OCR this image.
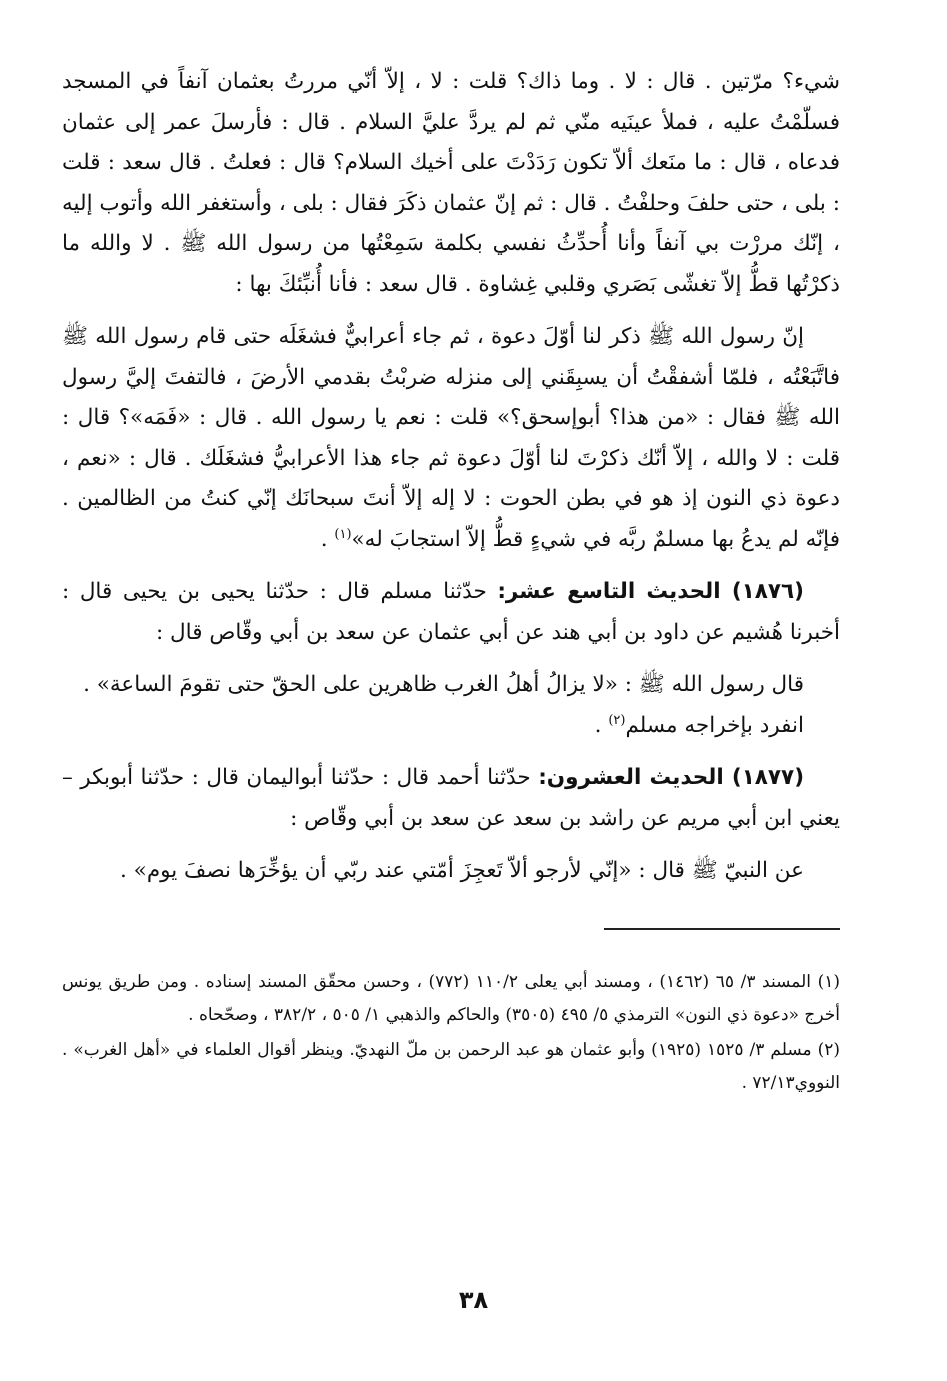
شيء؟ مرّتين . قال : لا . وما ذاك؟ قلت : لا ، إلاّ أنّي مررتُ بعثمان آنفاً في المسجد فسلّمْتُ عليه ، فملأ عينَيه منّي ثم لم يردَّ عليَّ السلام . قال : فأرسلَ عمر إلى عثمان فدعاه ، قال : ما منَعك ألاّ تكون رَدَدْتَ على أخيك السلام؟ قال : فعلتُ . قال سعد : قلت : بلى ، حتى حلفَ وحلفْتُ . قال : ثم إنّ عثمان ذكَرَ فقال : بلى ، وأستغفر الله وأتوب إليه ، إنّك مررْت بي آنفاً وأنا أُحدِّثُ نفسي بكلمة سَمِعْتُها من رسول الله ﷺ . لا والله ما ذكرْتُها قطُّ إلاّ تغشّى بَصَري وقلبي غِشاوة . قال سعد : فأنا أُنبِّئكَ بها :

إنّ رسول الله ﷺ ذكر لنا أوّلَ دعوة ، ثم جاء أعرابيٌّ فشغَلَه حتى قام رسول الله ﷺ فاتَّبَعْتُه ، فلمّا أشفقْتُ أن يسبِقَني إلى منزله ضربْتُ بقدمي الأرضَ ، فالتفتَ إليَّ رسول الله ﷺ فقال : «من هذا؟ أبوإسحق؟» قلت : نعم يا رسول الله . قال : «فَمَه»؟ قال : قلت : لا والله ، إلاّ أنّك ذكرْتَ لنا أوّلَ دعوة ثم جاء هذا الأعرابيُّ فشغَلَك . قال : «نعم ، دعوة ذي النون إذ هو في بطن الحوت : لا إله إلاّ أنتَ سبحانَك إنّي كنتُ من الظالمين . فإنّه لم يدعُ بها مسلمٌ ربَّه في شيءٍ قطُّ إلاّ استجابَ له»$^{(١)}$ .

(١٨٧٦) الحديث التاسع عشر: حدّثنا مسلم قال : حدّثنا يحيى بن يحيى قال : أخبرنا هُشيم عن داود بن أبي هند عن أبي عثمان عن سعد بن أبي وقّاص قال :

قال رسول الله ﷺ : «لا يزالُ أهلُ الغرب ظاهرين على الحقّ حتى تقومَ الساعة» .

انفرد بإخراجه مسلم$^{(٢)}$ .

(١٨٧٧) الحديث العشرون: حدّثنا أحمد قال : حدّثنا أبواليمان قال : حدّثنا أبوبكر – يعني ابن أبي مريم عن راشد بن سعد عن سعد بن أبي وقّاص :

عن النبيّ ﷺ قال : «إنّي لأرجو ألاّ تَعجِزَ أمّتي عند ربّي أن يؤخِّرَها نصفَ يوم» .

(١) المسند ٣/ ٦٥ (١٤٦٢) ، ومسند أبي يعلى ١١٠/٢ (٧٧٢) ، وحسن محقّق المسند إسناده . ومن طريق يونس أخرج «دعوة ذي النون» الترمذي ٥/ ٤٩٥ (٣٥٠٥) والحاكم والذهبي ١/ ٥٠٥ ، ٣٨٢/٢ ، وصحّحاه .

(٢) مسلم ٣/ ١٥٢٥ (١٩٢٥) وأبو عثمان هو عبد الرحمن بن ملّ النهديّ. وينظر أقوال العلماء في «أهل الغرب» . النووي٧٢/١٣ .

٣٨
